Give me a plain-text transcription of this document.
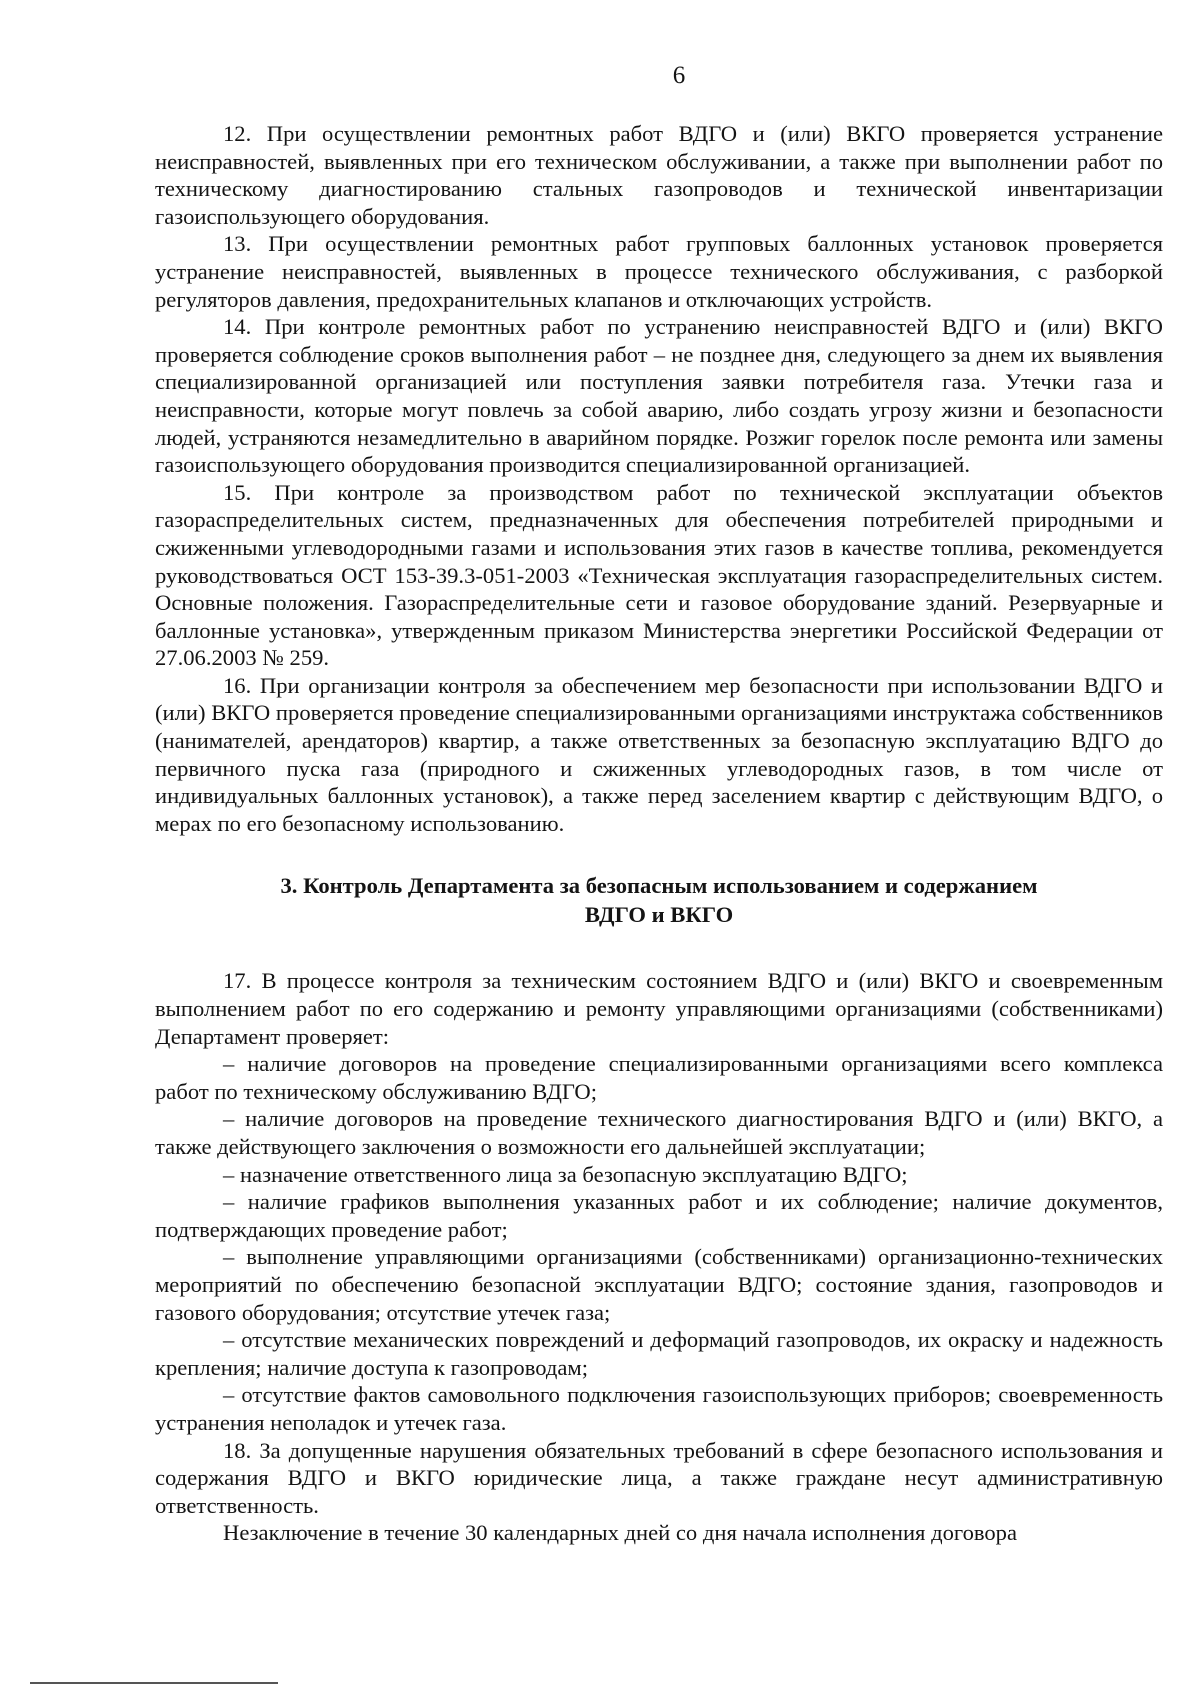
6

12. При осуществлении ремонтных работ ВДГО и (или) ВКГО проверяется устранение неисправностей, выявленных при его техническом обслуживании, а также при выполнении работ по техническому диагностированию стальных газопроводов и технической инвентаризации газоиспользующего оборудования.

13. При осуществлении ремонтных работ групповых баллонных установок проверяется устранение неисправностей, выявленных в процессе технического обслуживания, с разборкой регуляторов давления, предохранительных клапанов и отключающих устройств.

14. При контроле ремонтных работ по устранению неисправностей ВДГО и (или) ВКГО проверяется соблюдение сроков выполнения работ – не позднее дня, следующего за днем их выявления специализированной организацией или поступления заявки потребителя газа. Утечки газа и неисправности, которые могут повлечь за собой аварию, либо создать угрозу жизни и безопасности людей, устраняются незамедлительно в аварийном порядке. Розжиг горелок после ремонта или замены газоиспользующего оборудования производится специализированной организацией.

15. При контроле за производством работ по технической эксплуатации объектов газораспределительных систем, предназначенных для обеспечения потребителей природными и сжиженными углеводородными газами и использования этих газов в качестве топлива, рекомендуется руководствоваться ОСТ 153-39.3-051-2003 «Техническая эксплуатация газораспределительных систем. Основные положения. Газораспределительные сети и газовое оборудование зданий. Резервуарные и баллонные установка», утвержденным приказом Министерства энергетики Российской Федерации от 27.06.2003 № 259.

16. При организации контроля за обеспечением мер безопасности при использовании ВДГО и (или) ВКГО проверяется проведение специализированными организациями инструктажа собственников (нанимателей, арендаторов) квартир, а также ответственных за безопасную эксплуатацию ВДГО до первичного пуска газа (природного и сжиженных углеводородных газов, в том числе от индивидуальных баллонных установок), а также перед заселением квартир с действующим ВДГО, о мерах по его безопасному использованию.

3. Контроль Департамента за безопасным использованием и содержанием
ВДГО и ВКГО

17. В процессе контроля за техническим состоянием ВДГО и (или) ВКГО и своевременным выполнением работ по его содержанию и ремонту управляющими организациями (собственниками) Департамент проверяет:

– наличие договоров на проведение специализированными организациями всего комплекса работ по техническому обслуживанию ВДГО;

– наличие договоров на проведение технического диагностирования ВДГО и (или) ВКГО, а также действующего заключения о возможности его дальнейшей эксплуатации;

– назначение ответственного лица за безопасную эксплуатацию ВДГО;

– наличие графиков выполнения указанных работ и их соблюдение; наличие документов, подтверждающих проведение работ;

– выполнение управляющими организациями (собственниками) организационно-технических мероприятий по обеспечению безопасной эксплуатации ВДГО; состояние здания, газопроводов и газового оборудования; отсутствие утечек газа;

– отсутствие механических повреждений и деформаций газопроводов, их окраску и надежность крепления; наличие доступа к газопроводам;

– отсутствие фактов самовольного подключения газоиспользующих приборов; своевременность устранения неполадок и утечек газа.

18. За допущенные нарушения обязательных требований в сфере безопасного использования и содержания ВДГО и ВКГО юридические лица, а также граждане несут административную ответственность.

Незаключение в течение 30 календарных дней со дня начала исполнения договора
